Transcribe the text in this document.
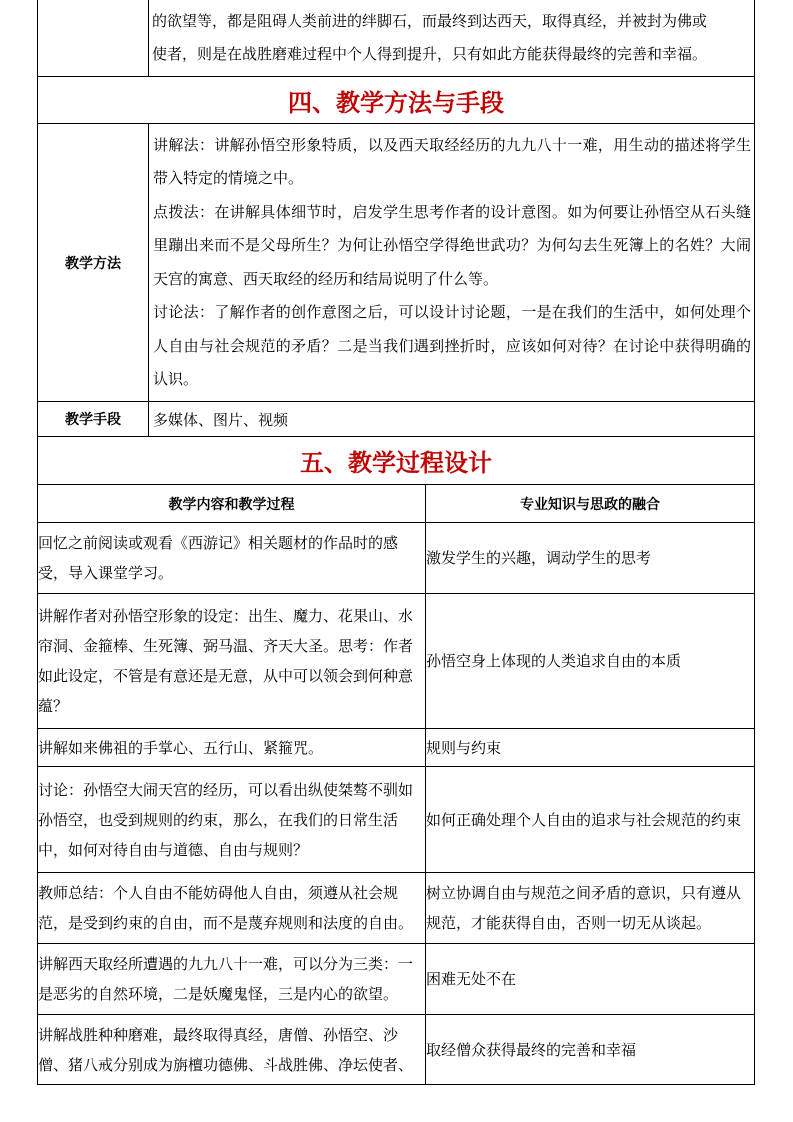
	的欲望等，都是阻碍人类前进的绊脚石，而最终到达西天，取得真经，并被封为佛或
使者，则是在战胜磨难过程中个人得到提升，只有如此方能获得最终的完善和幸福。

四、教学方法与手段	
教学方法	讲解法：讲解孙悟空形象特质，以及西天取经经历的九九八十一难，用生动的描述将学生带入特定的情境之中。

点拨法：在讲解具体细节时，启发学生思考作者的设计意图。如为何要让孙悟空从石头缝里蹦出来而不是父母所生？为何让孙悟空学得绝世武功？为何勾去生死簿上的名姓？大闹天宫的寓意、西天取经的经历和结局说明了什么等。

讨论法：了解作者的创作意图之后，可以设计讨论题，一是在我们的生活中，如何处理个人自由与社会规范的矛盾？二是当我们遇到挫折时，应该如何对待？在讨论中获得明确的认识。

教学手段	多媒体、图片、视频
五、教学过程设计	
教学内容和教学过程	专业知识与思政的融合
回忆之前阅读或观看《西游记》相关题材的作品时的感受，导入课堂学习。	激发学生的兴趣，调动学生的思考
讲解作者对孙悟空形象的设定：出生、魔力、花果山、水帘洞、金箍棒、生死簿、弼马温、齐天大圣。思考：作者如此设定，不管是有意还是无意，从中可以领会到何种意蕴？	孙悟空身上体现的人类追求自由的本质
讲解如来佛祖的手掌心、五行山、紧箍咒。	规则与约束
讨论：孙悟空大闹天宫的经历，可以看出纵使桀骜不驯如孙悟空，也受到规则的约束，那么，在我们的日常生活中，如何对待自由与道德、自由与规则？	如何正确处理个人自由的追求与社会规范的约束
教师总结：个人自由不能妨碍他人自由，须遵从社会规范，是受到约束的自由，而不是蔑弃规则和法度的自由。	树立协调自由与规范之间矛盾的意识，只有遵从规范，才能获得自由，否则一切无从谈起。
讲解西天取经所遭遇的九九八十一难，可以分为三类：一是恶劣的自然环境，二是妖魔鬼怪，三是内心的欲望。	困难无处不在
讲解战胜种种磨难，最终取得真经，唐僧、孙悟空、沙僧、猪八戒分别成为旃檀功德佛、斗战胜佛、净坛使者、	取经僧众获得最终的完善和幸福
